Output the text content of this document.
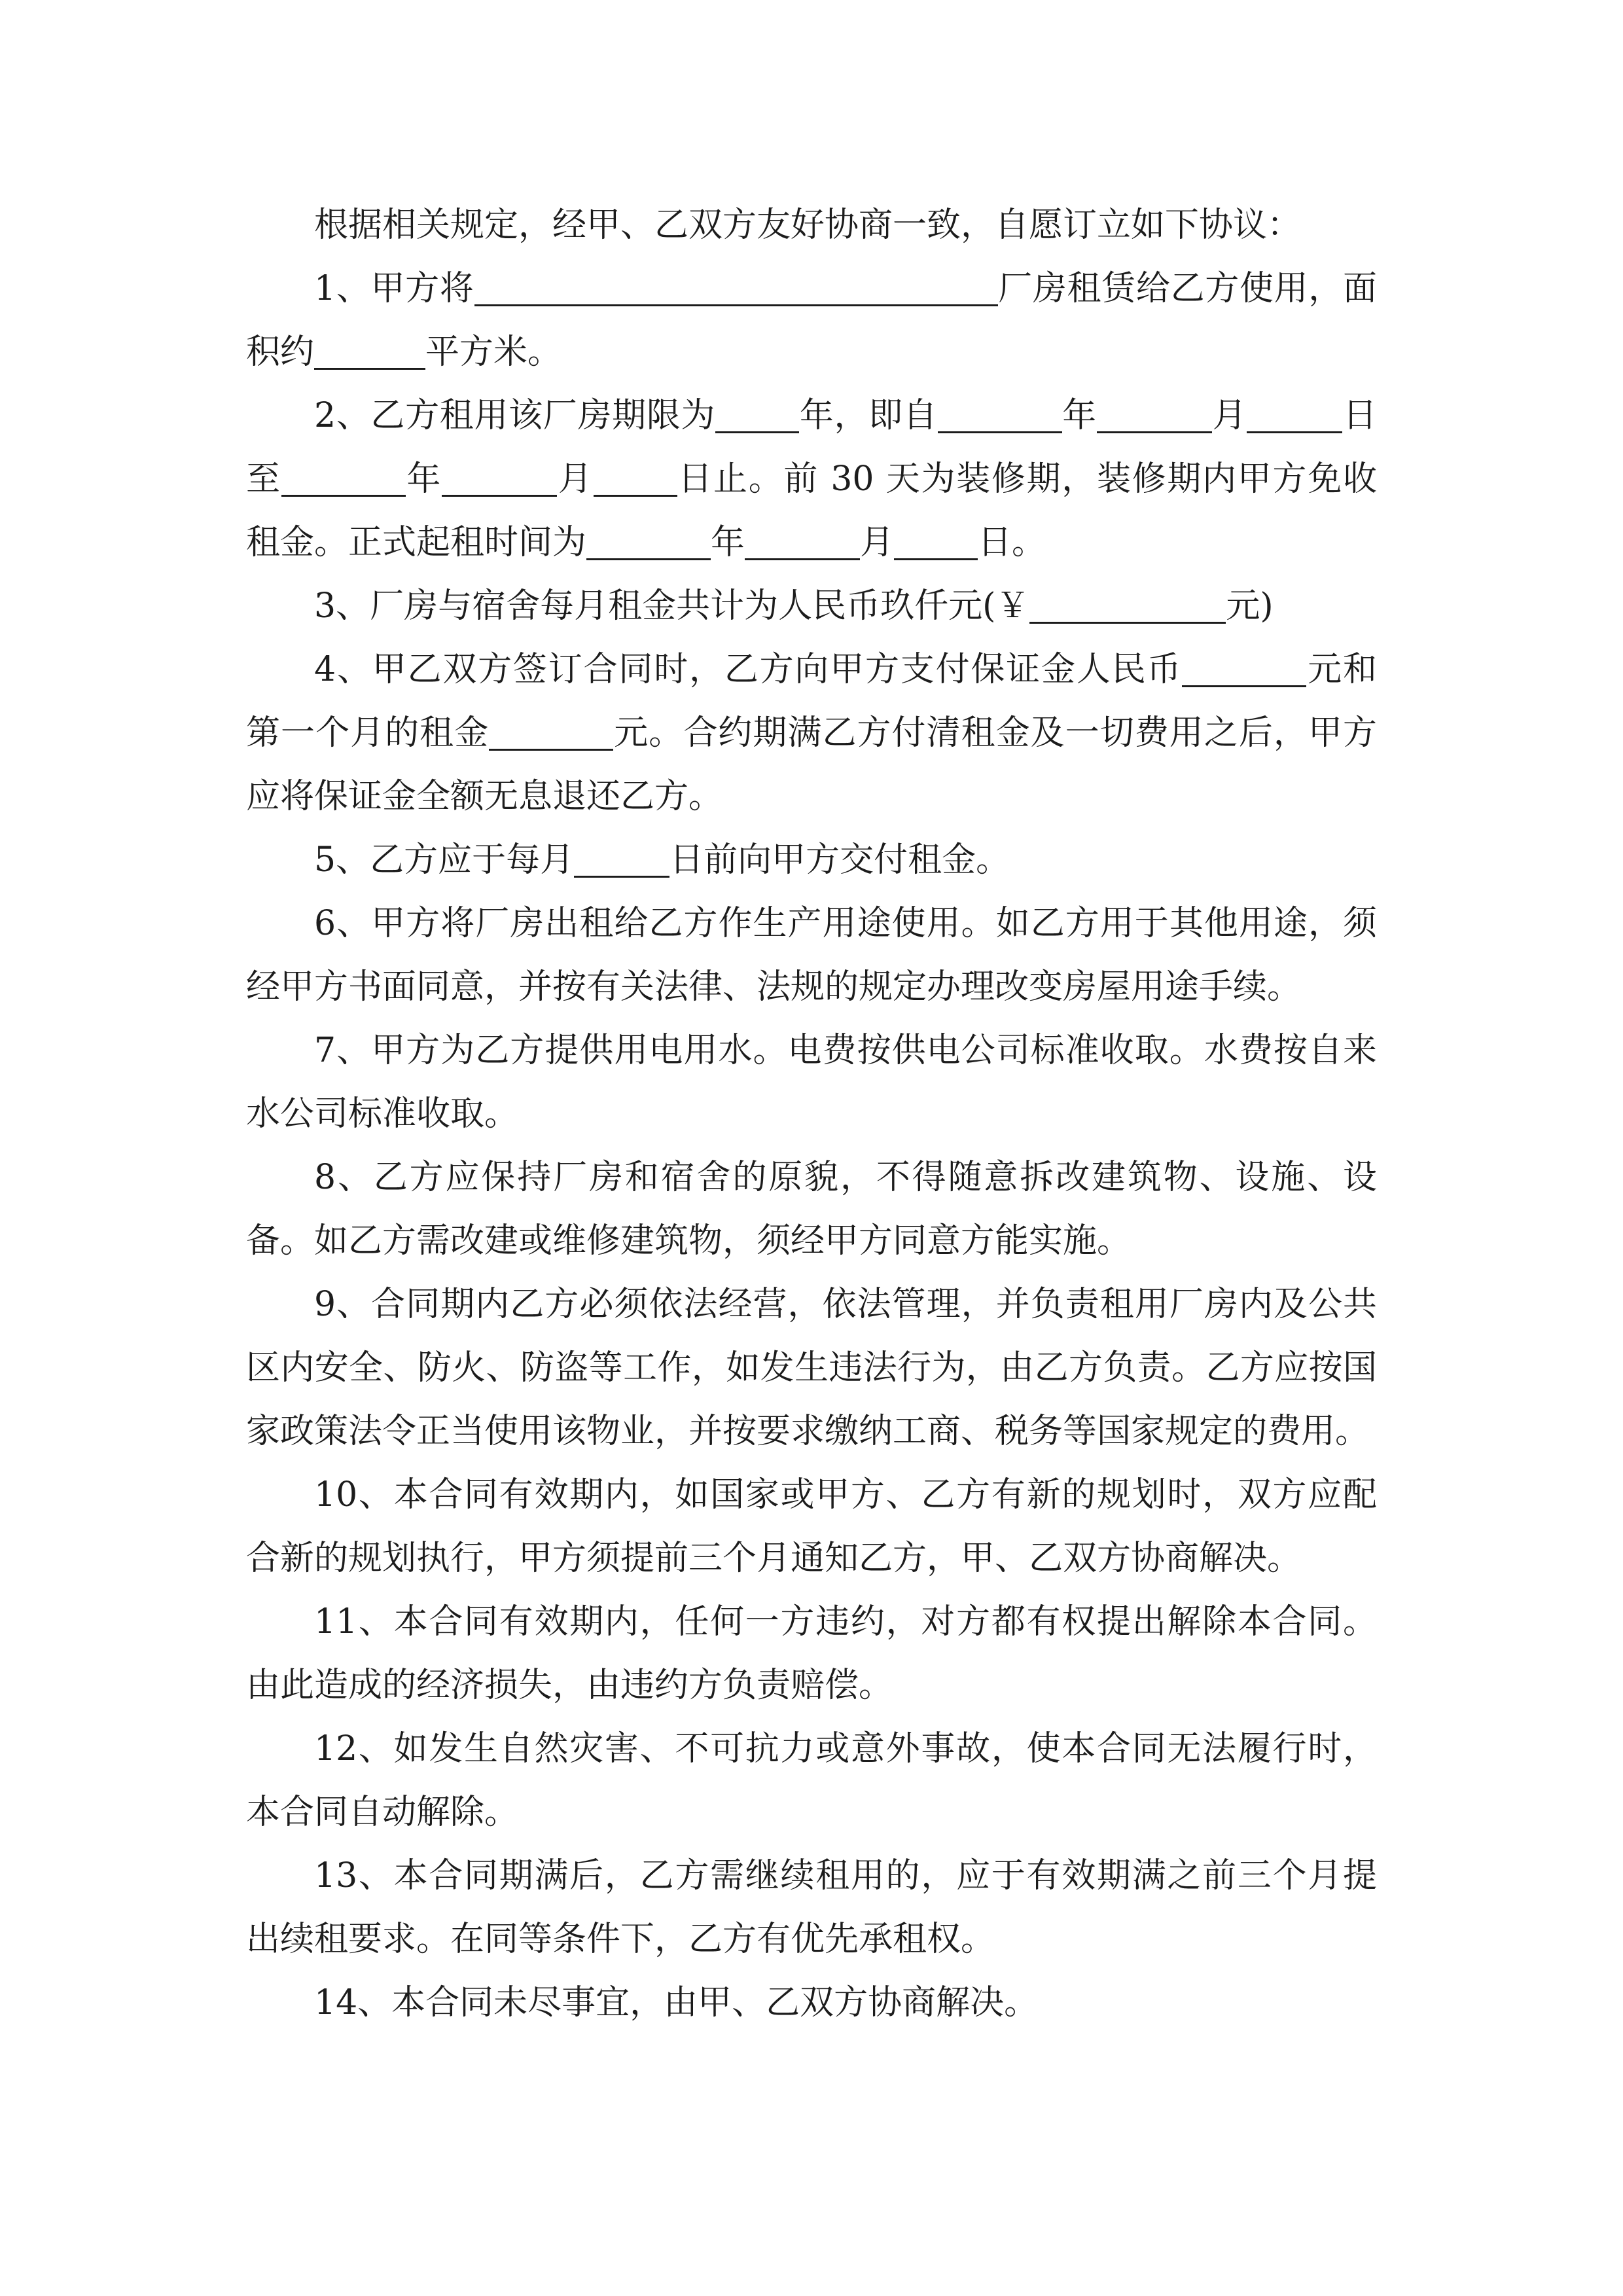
根据相关规定，经甲、乙双方友好协商一致，自愿订立如下协议：

1、甲方将	厂房租赁给乙方使用，面积约	平方米。

2、乙方租用该厂房期限为 年，即自	年	月	日至	年	月 日止。前 30 天为装修期，装修期内甲方免收租金。正式起租时间为	年	月 日。

3、厂房与宿舍每月租金共计为人民币玖仟元(￥	元)

4、甲乙双方签订合同时，乙方向甲方支付保证金人民币	元和第一个月的租金	元。合约期满乙方付清租金及一切费用之后，甲方应将保证金全额无息退还乙方。

5、乙方应于每月	日前向甲方交付租金。

6、甲方将厂房出租给乙方作生产用途使用。如乙方用于其他用途，须经甲方书面同意，并按有关法律、法规的规定办理改变房屋用途手续。

7、甲方为乙方提供用电用水。电费按供电公司标准收取。水费按自来水公司标准收取。

8、乙方应保持厂房和宿舍的原貌，不得随意拆改建筑物、设施、设备。如乙方需改建或维修建筑物，须经甲方同意方能实施。

9、合同期内乙方必须依法经营，依法管理，并负责租用厂房内及公共区内安全、防火、防盗等工作，如发生违法行为，由乙方负责。乙方应按国家政策法令正当使用该物业，并按要求缴纳工商、税务等国家规定的费用。

10、本合同有效期内，如国家或甲方、乙方有新的规划时，双方应配合新的规划执行，甲方须提前三个月通知乙方，甲、乙双方协商解决。

11、本合同有效期内，任何一方违约，对方都有权提出解除本合同。由此造成的经济损失，由违约方负责赔偿。

12、如发生自然灾害、不可抗力或意外事故，使本合同无法履行时，本合同自动解除。

13、本合同期满后，乙方需继续租用的，应于有效期满之前三个月提出续租要求。在同等条件下，乙方有优先承租权。

14、本合同未尽事宜，由甲、乙双方协商解决。
